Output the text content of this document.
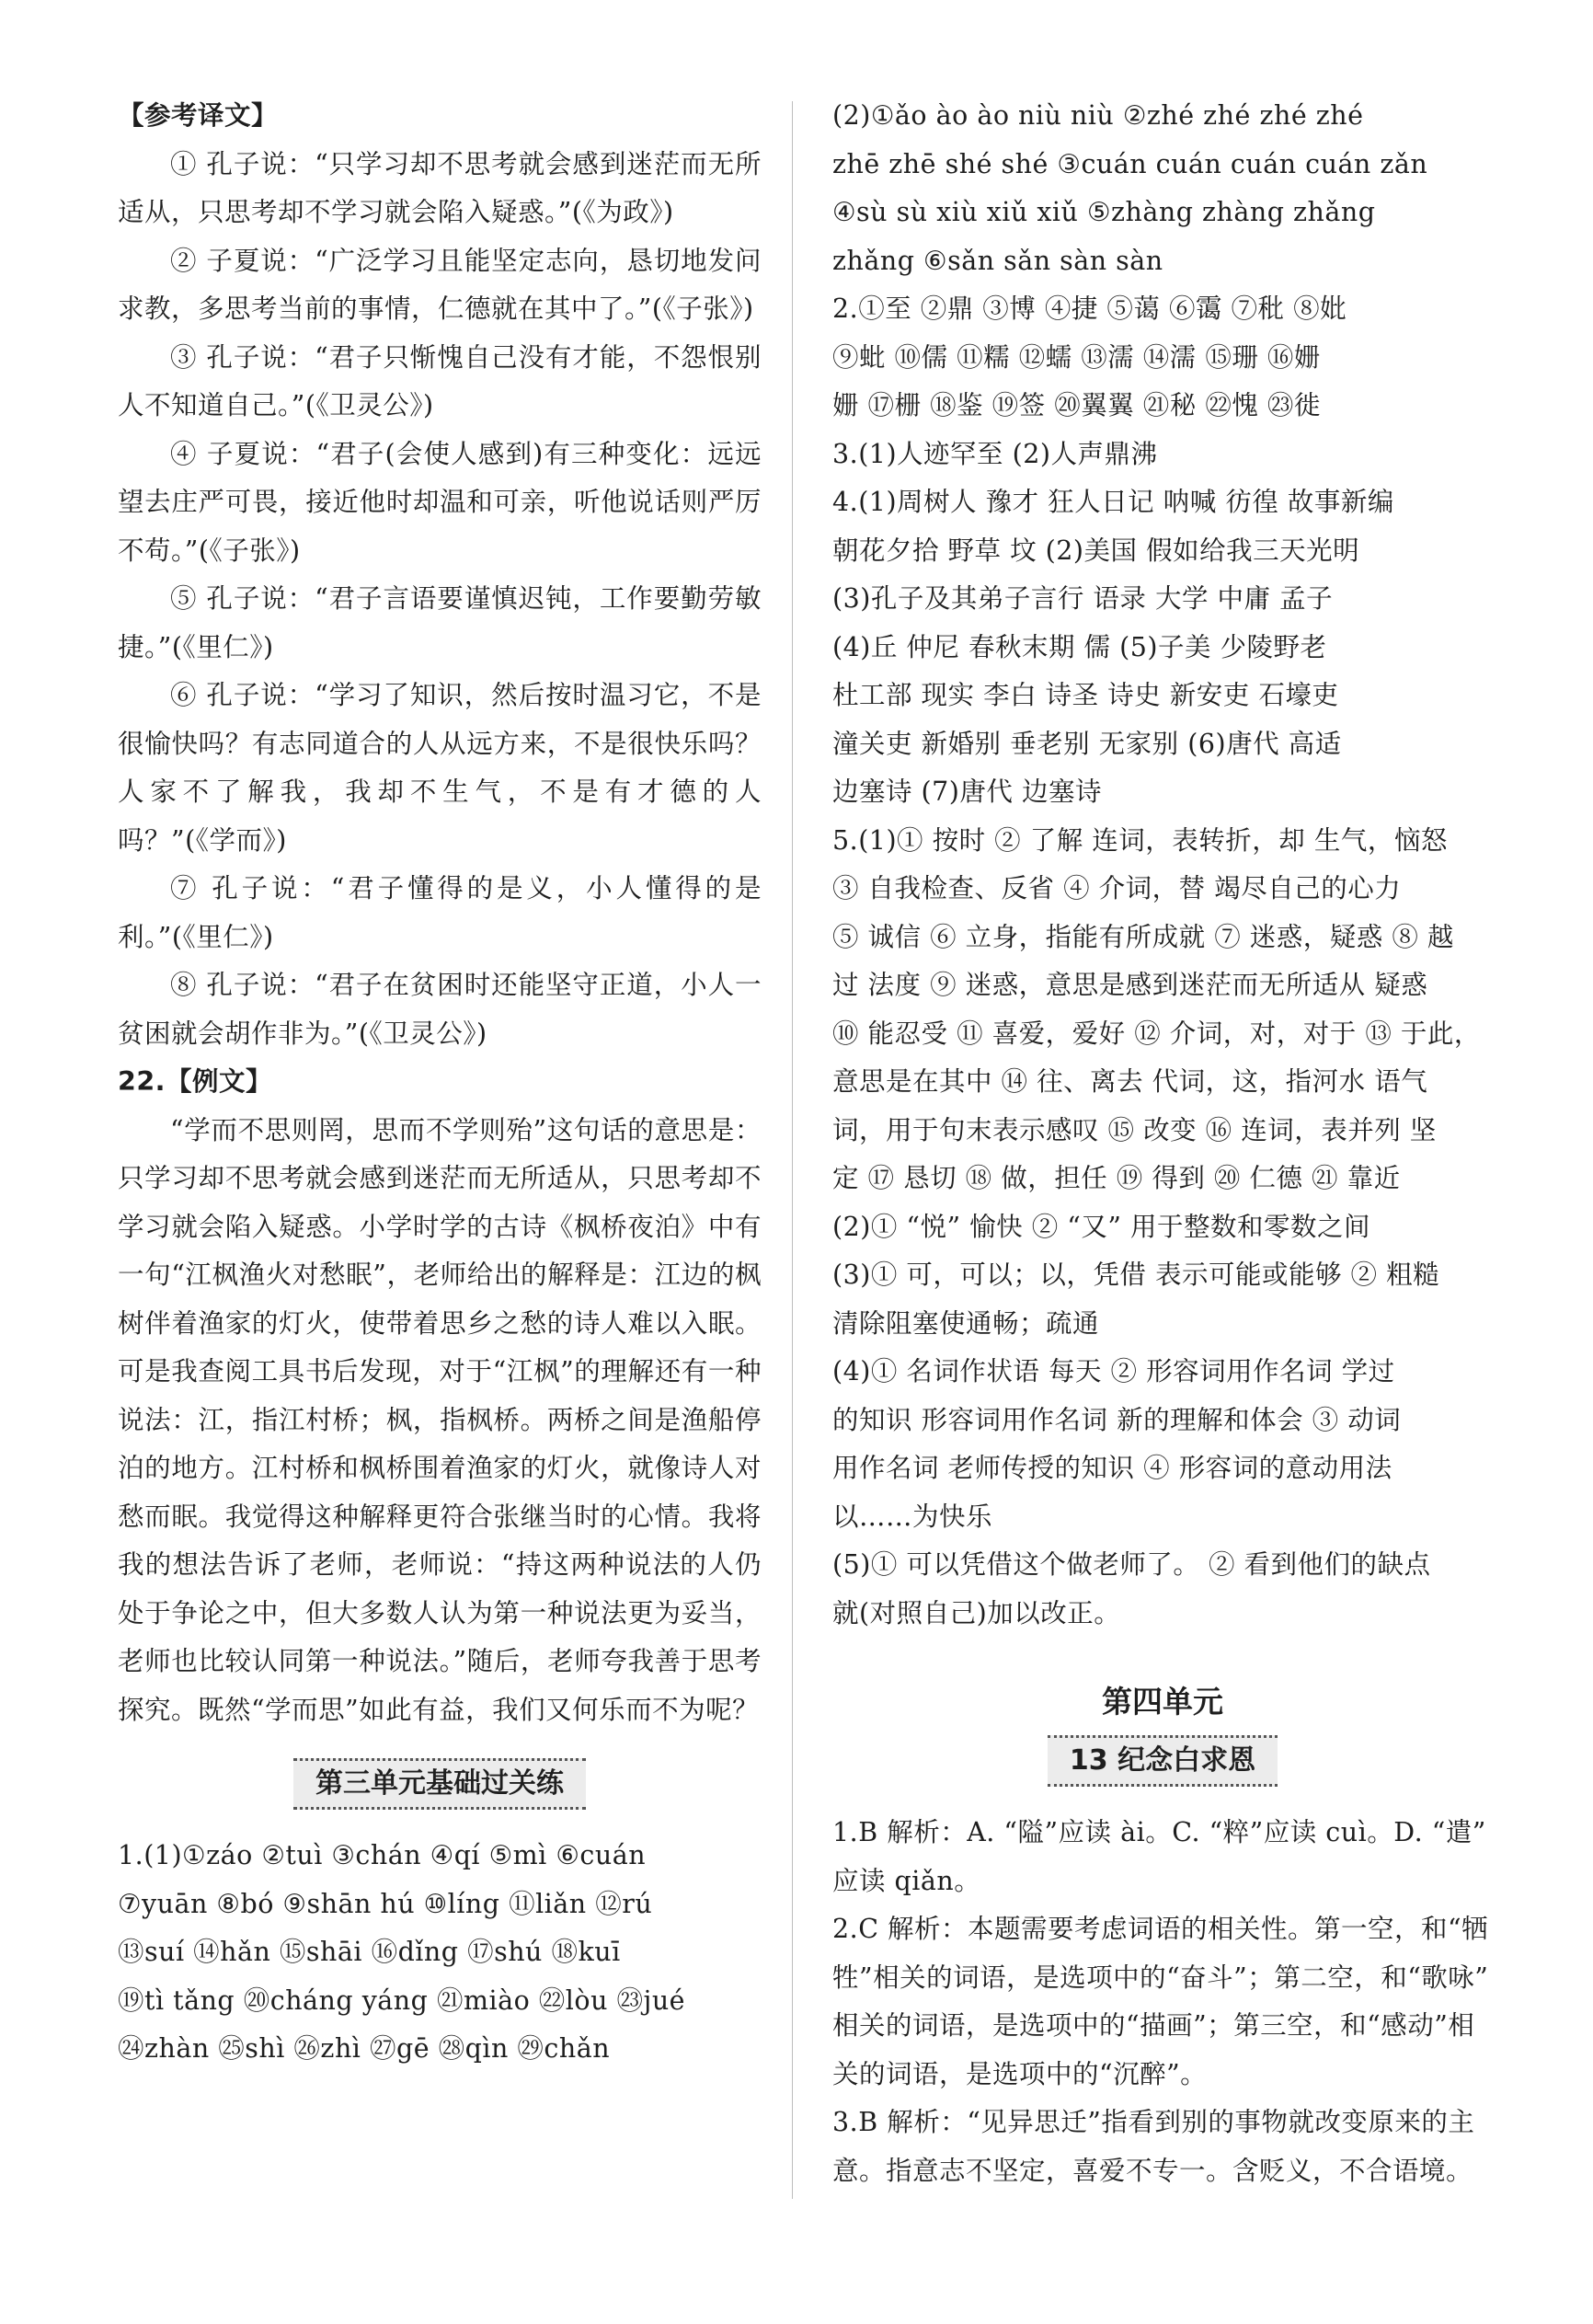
【参考译文】

① 孔子说：“只学习却不思考就会感到迷茫而无所适从，只思考却不学习就会陷入疑惑。”(《为政》)

② 子夏说：“广泛学习且能坚定志向，恳切地发问求教，多思考当前的事情，仁德就在其中了。”(《子张》)

③ 孔子说：“君子只惭愧自己没有才能，不怨恨别人不知道自己。”(《卫灵公》)

④ 子夏说：“君子(会使人感到)有三种变化：远远望去庄严可畏，接近他时却温和可亲，听他说话则严厉不苟。”(《子张》)

⑤ 孔子说：“君子言语要谨慎迟钝，工作要勤劳敏捷。”(《里仁》)

⑥ 孔子说：“学习了知识，然后按时温习它，不是很愉快吗？有志同道合的人从远方来，不是很快乐吗？人家不了解我，我却不生气，不是有才德的人吗？”(《学而》)

⑦ 孔子说：“君子懂得的是义，小人懂得的是利。”(《里仁》)

⑧ 孔子说：“君子在贫困时还能坚守正道，小人一贫困就会胡作非为。”(《卫灵公》)

22.【例文】

“学而不思则罔，思而不学则殆”这句话的意思是：只学习却不思考就会感到迷茫而无所适从，只思考却不学习就会陷入疑惑。小学时学的古诗《枫桥夜泊》中有一句“江枫渔火对愁眠”，老师给出的解释是：江边的枫树伴着渔家的灯火，使带着思乡之愁的诗人难以入眠。可是我查阅工具书后发现，对于“江枫”的理解还有一种说法：江，指江村桥；枫，指枫桥。两桥之间是渔船停泊的地方。江村桥和枫桥围着渔家的灯火，就像诗人对愁而眠。我觉得这种解释更符合张继当时的心情。我将我的想法告诉了老师，老师说：“持这两种说法的人仍处于争论之中，但大多数人认为第一种说法更为妥当，老师也比较认同第一种说法。”随后，老师夸我善于思考探究。既然“学而思”如此有益，我们又何乐而不为呢？

第三单元基础过关练

1.(1)①záo ②tuì ③chán ④qí ⑤mì ⑥cuán

⑦yuān ⑧bó ⑨shān hú ⑩líng ⑪liǎn ⑫rú

⑬suí ⑭hǎn ⑮shāi ⑯dǐng ⑰shú ⑱kuī

⑲tì tǎng ⑳cháng yáng ㉑miào ㉒lòu ㉓jué

㉔zhàn ㉕shì ㉖zhì ㉗gē ㉘qìn ㉙chǎn

(2)①ǎo ào ào niù niù ②zhé zhé zhé zhé

zhē zhē shé shé ③cuán cuán cuán cuán zǎn

④sù sù xiù xiǔ xiǔ ⑤zhàng zhàng zhǎng

zhǎng ⑥sǎn sǎn sàn sàn

2.①至 ②鼎 ③博 ④捷 ⑤蔼 ⑥霭 ⑦秕 ⑧妣

⑨蚍 ⑩儒 ⑪糯 ⑫蠕 ⑬濡 ⑭濡 ⑮珊 ⑯姗

姗 ⑰栅 ⑱鉴 ⑲签 ⑳翼翼 ㉑秘 ㉒愧 ㉓徙

3.(1)人迹罕至 (2)人声鼎沸

4.(1)周树人 豫才 狂人日记 呐喊 彷徨 故事新编

朝花夕拾 野草 坟 (2)美国 假如给我三天光明

(3)孔子及其弟子言行 语录 大学 中庸 孟子

(4)丘 仲尼 春秋末期 儒 (5)子美 少陵野老

杜工部 现实 李白 诗圣 诗史 新安吏 石壕吏

潼关吏 新婚别 垂老别 无家别 (6)唐代 高适

边塞诗 (7)唐代 边塞诗

5.(1)① 按时 ② 了解 连词，表转折，却 生气，恼怒

③ 自我检查、反省 ④ 介词，替 竭尽自己的心力

⑤ 诚信 ⑥ 立身，指能有所成就 ⑦ 迷惑，疑惑 ⑧ 越

过 法度 ⑨ 迷惑，意思是感到迷茫而无所适从 疑惑

⑩ 能忍受 ⑪ 喜爱，爱好 ⑫ 介词，对，对于 ⑬ 于此，

意思是在其中 ⑭ 往、离去 代词，这，指河水 语气

词，用于句末表示感叹 ⑮ 改变 ⑯ 连词，表并列 坚

定 ⑰ 恳切 ⑱ 做，担任 ⑲ 得到 ⑳ 仁德 ㉑ 靠近

(2)① “悦” 愉快 ② “又” 用于整数和零数之间

(3)① 可，可以；以，凭借 表示可能或能够 ② 粗糙

清除阻塞使通畅；疏通

(4)① 名词作状语 每天 ② 形容词用作名词 学过

的知识 形容词用作名词 新的理解和体会 ③ 动词

用作名词 老师传授的知识 ④ 形容词的意动用法

以……为快乐

(5)① 可以凭借这个做老师了。 ② 看到他们的缺点

就(对照自己)加以改正。

第四单元
13 纪念白求恩

1.B 解析：A. “隘”应读 ài。C. “粹”应读 cuì。D. “遣”

应读 qiǎn。

2.C 解析：本题需要考虑词语的相关性。第一空，和“牺

牲”相关的词语，是选项中的“奋斗”；第二空，和“歌咏”

相关的词语，是选项中的“描画”；第三空，和“感动”相

关的词语，是选项中的“沉醉”。

3.B 解析：“见异思迁”指看到别的事物就改变原来的主

意。指意志不坚定，喜爱不专一。含贬义，不合语境。
